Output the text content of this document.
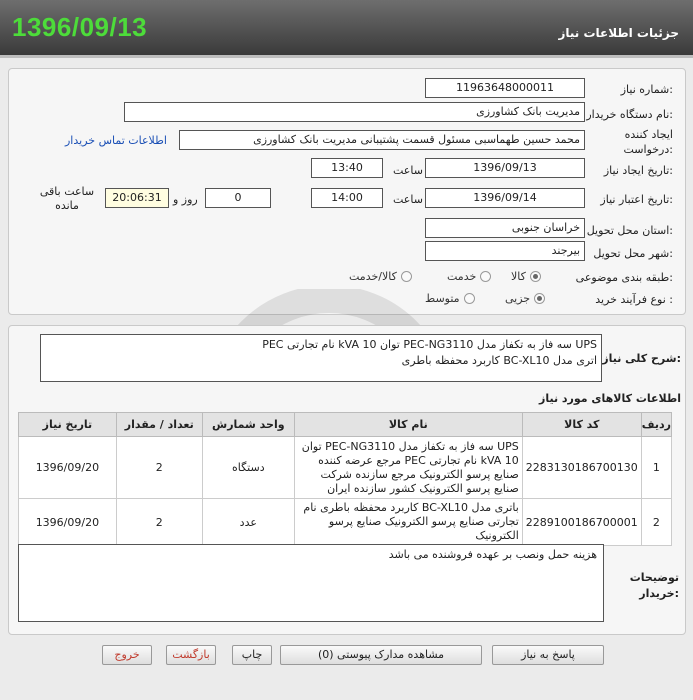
1396/09/13	جزئیات اطلاعات نیاز
شماره نیاز:
11963648000011
نام دستگاه خریدار:
مدیریت بانک کشاورزی
ایجاد کننده درخواست:
محمد حسین طهماسبی مسئول قسمت پشتیبانی مدیریت بانک کشاورزی
اطلاعات تماس خریدار
تاریخ ایجاد نیاز:
1396/09/13
ساعت
13:40
تاریخ اعتبار نیاز:
1396/09/14
ساعت
14:00
0
روز و
20:06:31
ساعت باقی مانده
استان محل تحویل:
خراسان جنوبی
شهر محل تحویل:
بیرجند
طبقه بندی موضوعی:
کالا
خدمت
کالا/خدمت
نوع فرآیند خرید :
جزیی
متوسط
شرح کلی نیاز:
UPS سه فاز به تکفاز مدل PEC-NG3110 توان 10 kVA نام تجارتی PEC
اتری مدل BC-XL10 کاربرد محفظه باطری
اطلاعات کالاهای مورد نیاز
ردیف	کد کالا	نام کالا	واحد شمارش	تعداد / مقدار	تاریخ نیاز
1	2283130186700130	UPS سه فاز به تکفاز مدل PEC-NG3110 توان 10 kVA نام تجارتی PEC مرجع عرضه کننده صنایع پرسو الکترونیک مرجع سازنده شرکت صنایع پرسو الکترونیک کشور سازنده ایران	دستگاه	2	1396/09/20
2	2289100186700001	باتری مدل BC-XL10 کاربرد محفظه باطری نام تجارتی صنایع پرسو الکترونیک صنایع پرسو الکترونیک	عدد	2	1396/09/20
هزینه حمل ونصب بر عهده فروشنده می باشد
توضیحات خریدار:
پاسخ به نیاز
مشاهده مدارک پیوستی (0)
چاپ
بازگشت
خروج
